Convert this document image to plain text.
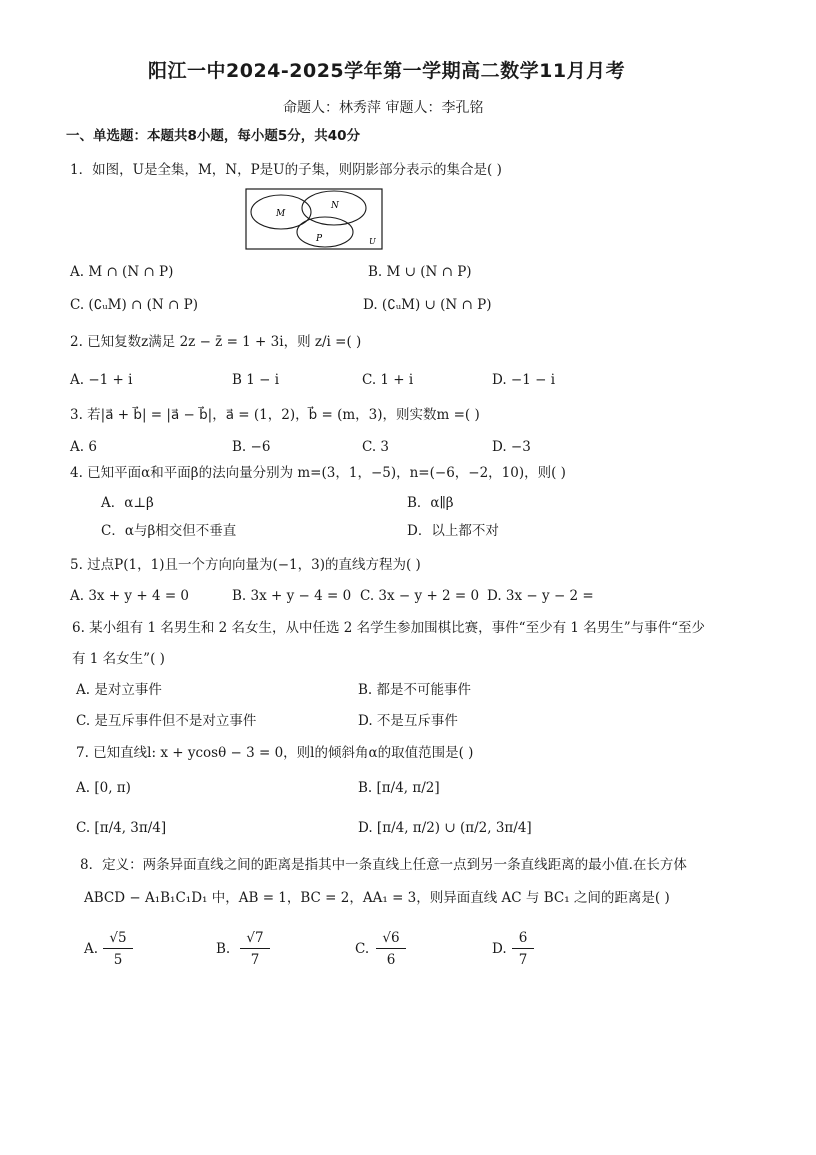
阳江一中2024-2025学年第一学期高二数学11月月考
命题人：林秀萍 审题人：李孔铭
一、单选题：本题共8小题，每小题5分，共40分
1．如图，U是全集，M，N，P是U的子集，则阴影部分表示的集合是( )
M
N
P	U
A. M ∩ (N ∩ P)	B. M ∪ (N ∩ P)
C. (∁ᵤM) ∩ (N ∩ P)	D. (∁ᵤM) ∪ (N ∩ P)
2. 已知复数z满足 2z − z̄ = 1 + 3i，则 z/i =( )
A. −1 + i	B 1 − i	C. 1 + i	D. −1 − i
3. 若|a⃗ + b⃗| = |a⃗ − b⃗|，a⃗ = (1，2)，b⃗ = (m，3)，则实数m =( )
A. 6	B. −6	C. 3	D. −3
4. 已知平面α和平面β的法向量分别为 m=(3，1，−5)，n=(−6，−2，10)，则( )
A．α⊥β	B．α∥β
C．α与β相交但不垂直	D．以上都不对
5. 过点P(1，1)且一个方向向量为(−1，3)的直线方程为( )
A. 3x + y + 4 = 0	B. 3x + y − 4 = 0 C. 3x − y + 2 = 0 D. 3x − y − 2 =
6. 某小组有 1 名男生和 2 名女生，从中任选 2 名学生参加围棋比赛，事件“至少有 1 名男生”与事件“至少
有 1 名女生”( )
A. 是对立事件	B. 都是不可能事件
C. 是互斥事件但不是对立事件	D. 不是互斥事件
7. 已知直线l: x + ycosθ − 3 = 0，则l的倾斜角α的取值范围是( )
A. [0, π)	B. [π/4, π/2]
C. [π/4, 3π/4]	D. [π/4, π/2) ∪ (π/2, 3π/4]
8．定义：两条异面直线之间的距离是指其中一条直线上任意一点到另一条直线距离的最小值.在长方体
ABCD − A₁B₁C₁D₁ 中，AB = 1，BC = 2，AA₁ = 3，则异面直线 AC 与 BC₁ 之间的距离是( )
A. $\frac{√5}{5}$	B. $\frac{√7}{7}$	C. $\frac{√6}{6}$	D. $\frac{6}{7}$
